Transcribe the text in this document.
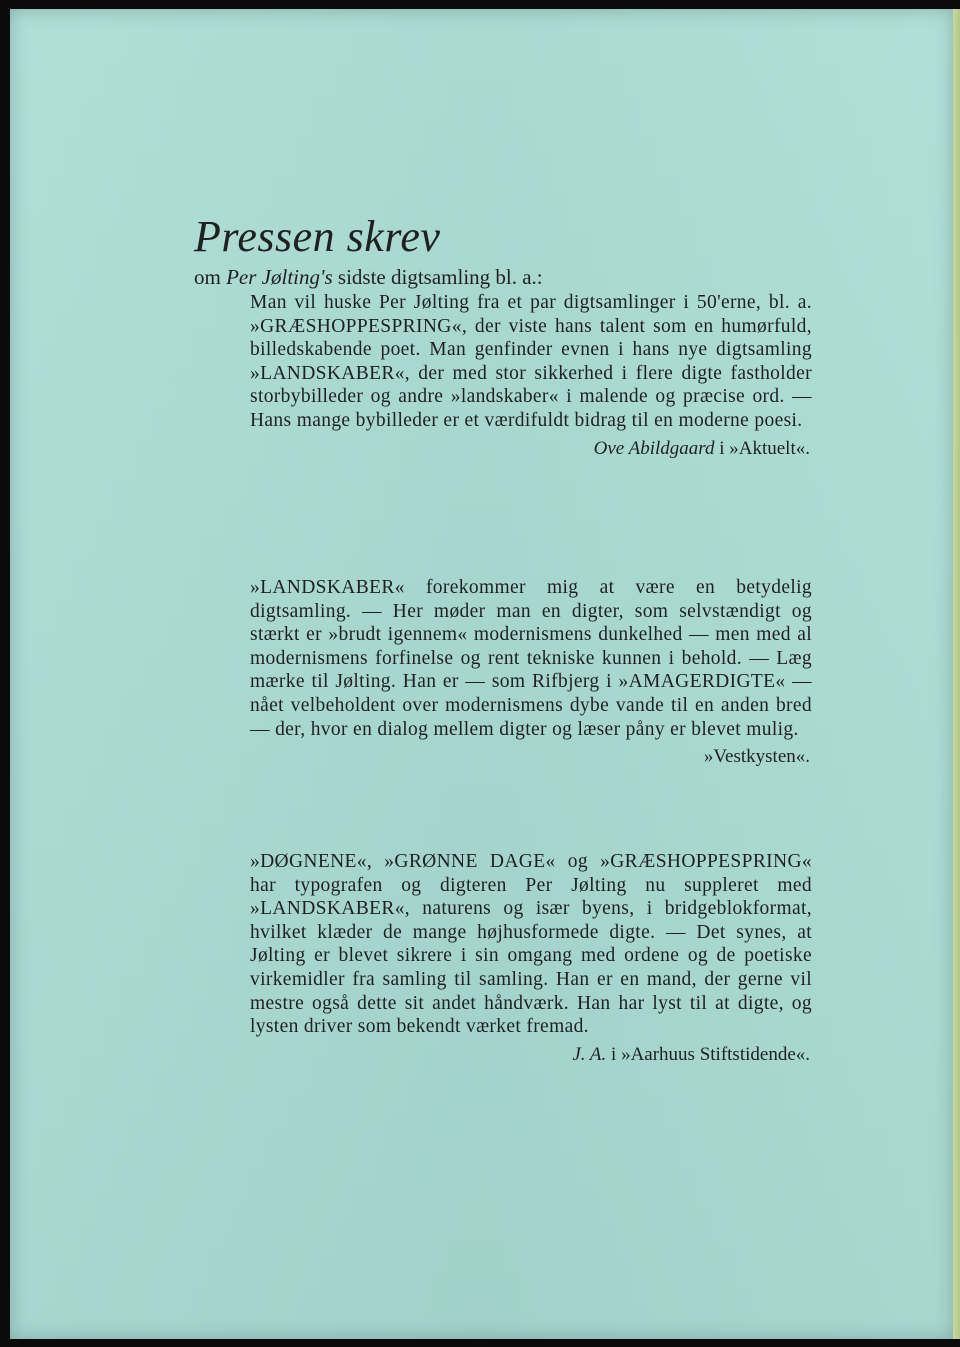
Pressen skrev

om Per Jølting's sidste digtsamling bl. a.:

Man vil huske Per Jølting fra et par digtsamlinger i 50'erne, bl. a. »GRÆSHOPPESPRING«, der viste hans talent som en humørfuld, billedskabende poet. Man genfinder evnen i hans nye digtsamling »LANDSKABER«, der med stor sikkerhed i flere digte fastholder storbybilleder og andre »landskaber« i malende og præcise ord. — Hans mange bybilleder er et værdifuldt bidrag til en moderne poesi.

Ove Abildgaard i »Aktuelt«.

»LANDSKABER« forekommer mig at være en betydelig digtsamling. — Her møder man en digter, som selvstændigt og stærkt er »brudt igennem« modernismens dunkelhed — men med al modernismens forfinelse og rent tekniske kunnen i behold. — Læg mærke til Jølting. Han er — som Rifbjerg i »AMAGERDIGTE« — nået velbeholdent over modernismens dybe vande til en anden bred — der, hvor en dialog mellem digter og læser påny er blevet mulig.

»Vestkysten«.

»DØGNENE«, »GRØNNE DAGE« og »GRÆSHOPPESPRING« har typografen og digteren Per Jølting nu suppleret med »LANDSKABER«, naturens og især byens, i bridgeblokformat, hvilket klæder de mange højhusformede digte. — Det synes, at Jølting er blevet sikrere i sin omgang med ordene og de poetiske virkemidler fra samling til samling. Han er en mand, der gerne vil mestre også dette sit andet håndværk. Han har lyst til at digte, og lysten driver som bekendt værket fremad.

J. A. i »Aarhuus Stiftstidende«.
